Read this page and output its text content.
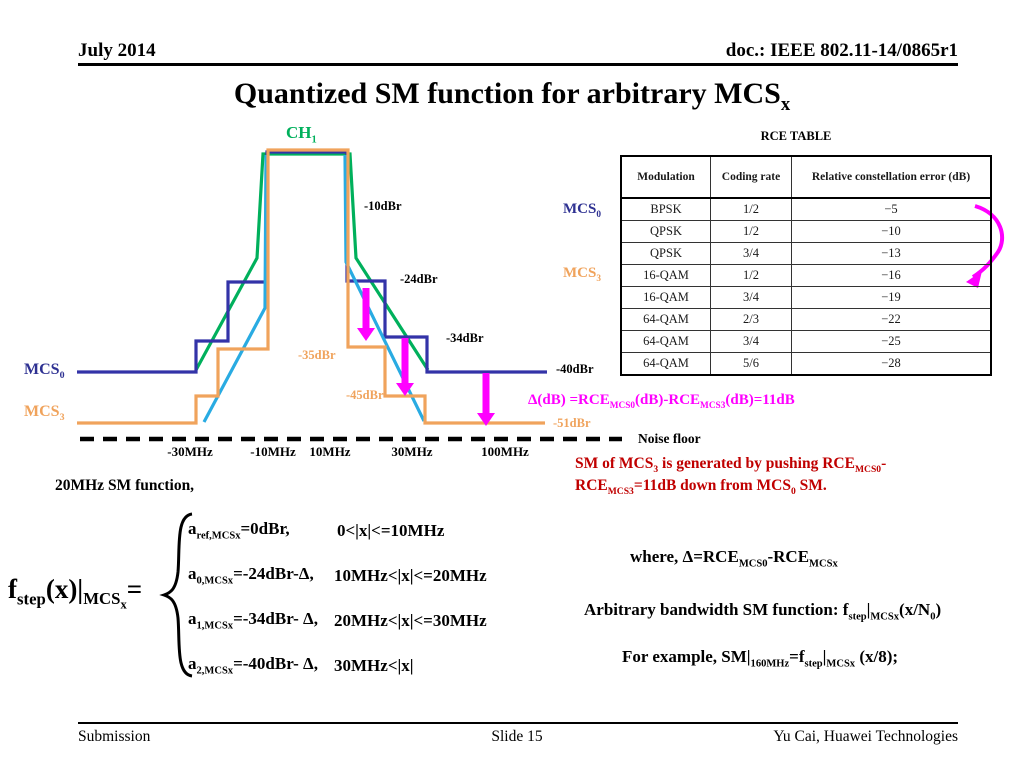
July 2014	doc.: IEEE 802.11-14/0865r1
Quantized SM function for arbitrary $MCS_x$
$CH_1$
$MCS_0$
$MCS_3$
-10dBr
-24dBr
-34dBr
-35dBr
-40dBr
-45dBr
-51dBr
Noise floor
-30MHz	-10MHz 10MHz	30MHz	100MHz
RCE TABLE
Modulation	Coding rate	Relative constellation error (dB)
BPSK	1/2	−5
QPSK	1/2	−10
QPSK	3/4	−13
16-QAM	1/2	−16
16-QAM	3/4	−19
64-QAM	2/3	−22
64-QAM	3/4	−25
64-QAM	5/6	−28
$MCS_0$
$MCS_3$
$\Delta(dB) =RCE_{MCS0}(dB)-RCE_{MCS3}(dB)=11dB$
SM of $MCS_3$ is generated by pushing $RCE_{MCS0}-$
$RCE_{MCS3}=11dB$ down from $MCS_0$ SM.
20MHz SM function,
$f_{step}(x)|_{MCS_x}=$
$a_{ref,MCSx}=0dBr$,	0<|x|<=10MHz
$a_{0,MCSx}=-24dBr-\Delta$, 10MHz<|x|<=20MHz
$a_{1,MCSx}=-34dBr-$ Δ, 20MHz<|x|<=30MHz
$a_{2,MCSx}=-40dBr-$ Δ, 30MHz<|x|
where, $\Delta=RCE_{MCS0}-RCE_{MCSx}$
Arbitrary bandwidth SM function: $f_{step}|_{MCSx}(x/N_0)$
For example, $SM|_{160MHz}=f_{step}|_{MCSx}$ (x/8);
Submission	Slide 15	Yu Cai, Huawei Technologies
